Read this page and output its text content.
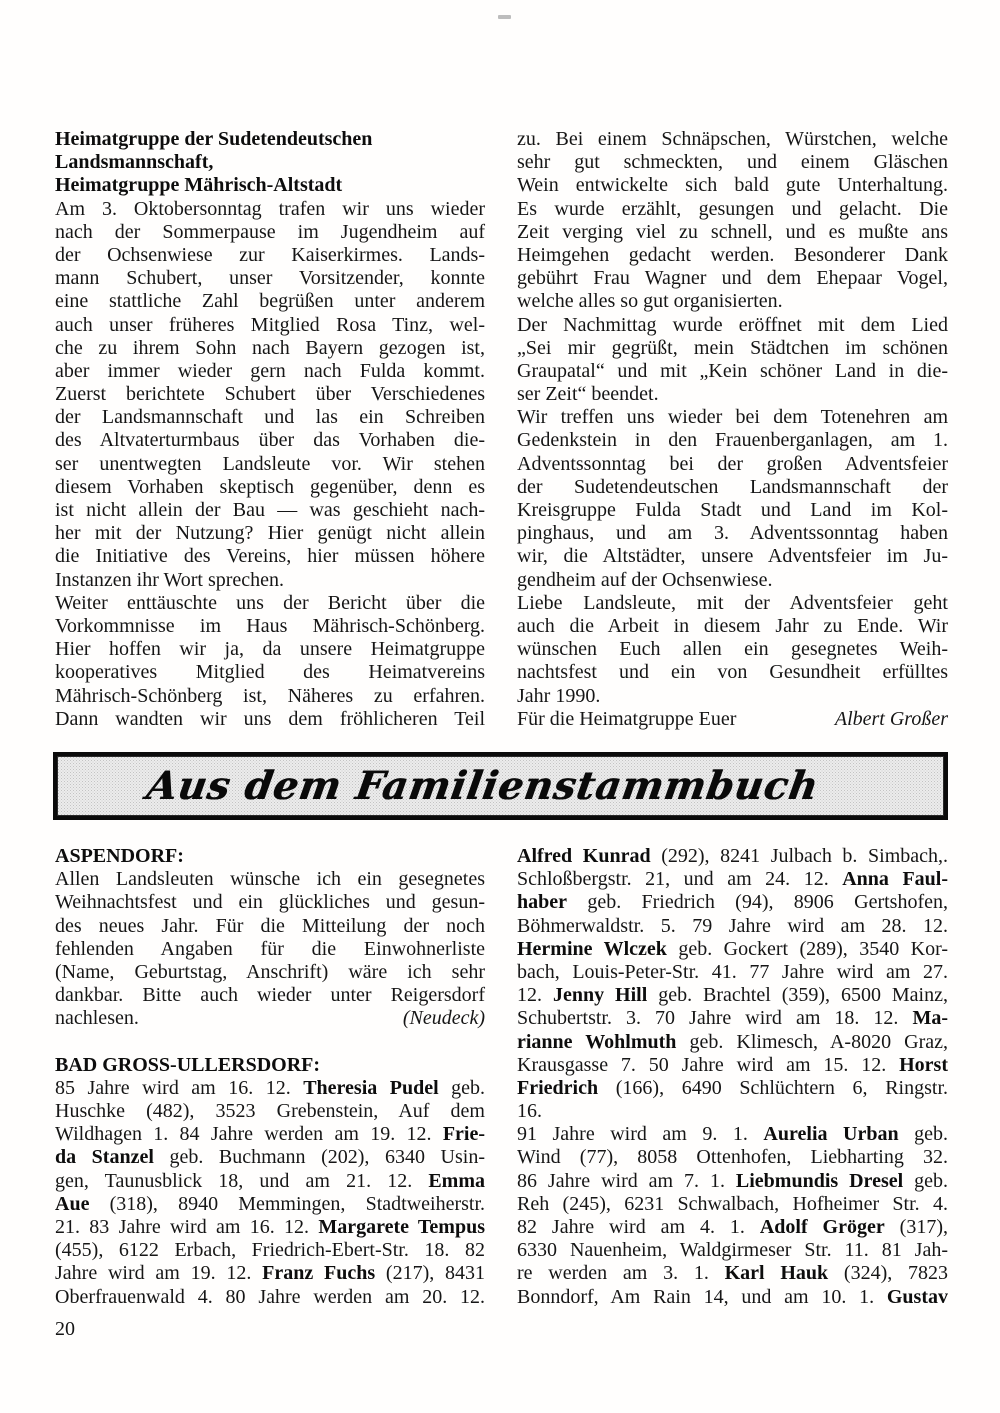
Heimatgruppe der Sudetendeutschen
Landsmannschaft,
Heimatgruppe Mährisch-Altstadt
Am 3. Oktobersonntag trafen wir uns wieder
nach der Sommerpause im Jugendheim auf
der Ochsenwiese zur Kaiserkirmes. Lands-
mann Schubert, unser Vorsitzender, konnte
eine stattliche Zahl begrüßen unter anderem
auch unser früheres Mitglied Rosa Tinz, wel-
che zu ihrem Sohn nach Bayern gezogen ist,
aber immer wieder gern nach Fulda kommt.
Zuerst berichtete Schubert über Verschiedenes
der Landsmannschaft und las ein Schreiben
des Altvaterturmbaus über das Vorhaben die-
ser unentwegten Landsleute vor. Wir stehen
diesem Vorhaben skeptisch gegenüber, denn es
ist nicht allein der Bau — was geschieht nach-
her mit der Nutzung? Hier genügt nicht allein
die Initiative des Vereins, hier müssen höhere
Instanzen ihr Wort sprechen.
Weiter enttäuschte uns der Bericht über die
Vorkommnisse im Haus Mährisch-Schönberg.
Hier hoffen wir ja, da unsere Heimatgruppe
kooperatives Mitglied des Heimatvereins
Mährisch-Schönberg ist, Näheres zu erfahren.
Dann wandten wir uns dem fröhlicheren Teil
zu. Bei einem Schnäpschen, Würstchen, welche
sehr gut schmeckten, und einem Gläschen
Wein entwickelte sich bald gute Unterhaltung.
Es wurde erzählt, gesungen und gelacht. Die
Zeit verging viel zu schnell, und es mußte ans
Heimgehen gedacht werden. Besonderer Dank
gebührt Frau Wagner und dem Ehepaar Vogel,
welche alles so gut organisierten.
Der Nachmittag wurde eröffnet mit dem Lied
„Sei mir gegrüßt, mein Städtchen im schönen
Graupatal“ und mit „Kein schöner Land in die-
ser Zeit“ beendet.
Wir treffen uns wieder bei dem Totenehren am
Gedenkstein in den Frauenberganlagen, am 1.
Adventssonntag bei der großen Adventsfeier
der Sudetendeutschen Landsmannschaft der
Kreisgruppe Fulda Stadt und Land im Kol-
pinghaus, und am 3. Adventssonntag haben
wir, die Altstädter, unsere Adventsfeier im Ju-
gendheim auf der Ochsenwiese.
Liebe Landsleute, mit der Adventsfeier geht
auch die Arbeit in diesem Jahr zu Ende. Wir
wünschen Euch allen ein gesegnetes Weih-
nachtsfest und ein von Gesundheit erfülltes
Jahr 1990.
Für die Heimatgruppe Euer	Albert Großer
Aus dem Familienstammbuch
ASPENDORF:
Allen Landsleuten wünsche ich ein gesegnetes
Weihnachtsfest und ein glückliches und gesun-
des neues Jahr. Für die Mitteilung der noch
fehlenden Angaben für die Einwohnerliste
(Name, Geburtstag, Anschrift) wäre ich sehr
dankbar. Bitte auch wieder unter Reigersdorf
nachlesen.	(Neudeck)
BAD GROSS-ULLERSDORF:
85 Jahre wird am 16. 12. Theresia Pudel geb.
Huschke (482), 3523 Grebenstein, Auf dem
Wildhagen 1. 84 Jahre werden am 19. 12. Frie-
da Stanzel geb. Buchmann (202), 6340 Usin-
gen, Taunusblick 18, und am 21. 12. Emma
Aue (318), 8940 Memmingen, Stadtweiherstr.
21. 83 Jahre wird am 16. 12. Margarete Tempus
(455), 6122 Erbach, Friedrich-Ebert-Str. 18. 82
Jahre wird am 19. 12. Franz Fuchs (217), 8431
Oberfrauenwald 4. 80 Jahre werden am 20. 12.
Alfred Kunrad (292), 8241 Julbach b. Simbach,.
Schloßbergstr. 21, und am 24. 12. Anna Faul-
haber geb. Friedrich (94), 8906 Gertshofen,
Böhmerwaldstr. 5. 79 Jahre wird am 28. 12.
Hermine Wlczek geb. Gockert (289), 3540 Kor-
bach, Louis-Peter-Str. 41. 77 Jahre wird am 27.
12. Jenny Hill geb. Brachtel (359), 6500 Mainz,
Schubertstr. 3. 70 Jahre wird am 18. 12. Ma-
rianne Wohlmuth geb. Klimesch, A-8020 Graz,
Krausgasse 7. 50 Jahre wird am 15. 12. Horst
Friedrich (166), 6490 Schlüchtern 6, Ringstr.
16.
91 Jahre wird am 9. 1. Aurelia Urban geb.
Wind (77), 8058 Ottenhofen, Liebharting 32.
86 Jahre wird am 7. 1. Liebmundis Dresel geb.
Reh (245), 6231 Schwalbach, Hofheimer Str. 4.
82 Jahre wird am 4. 1. Adolf Gröger (317),
6330 Nauenheim, Waldgirmeser Str. 11. 81 Jah-
re werden am 3. 1. Karl Hauk (324), 7823
Bonndorf, Am Rain 14, und am 10. 1. Gustav
20
